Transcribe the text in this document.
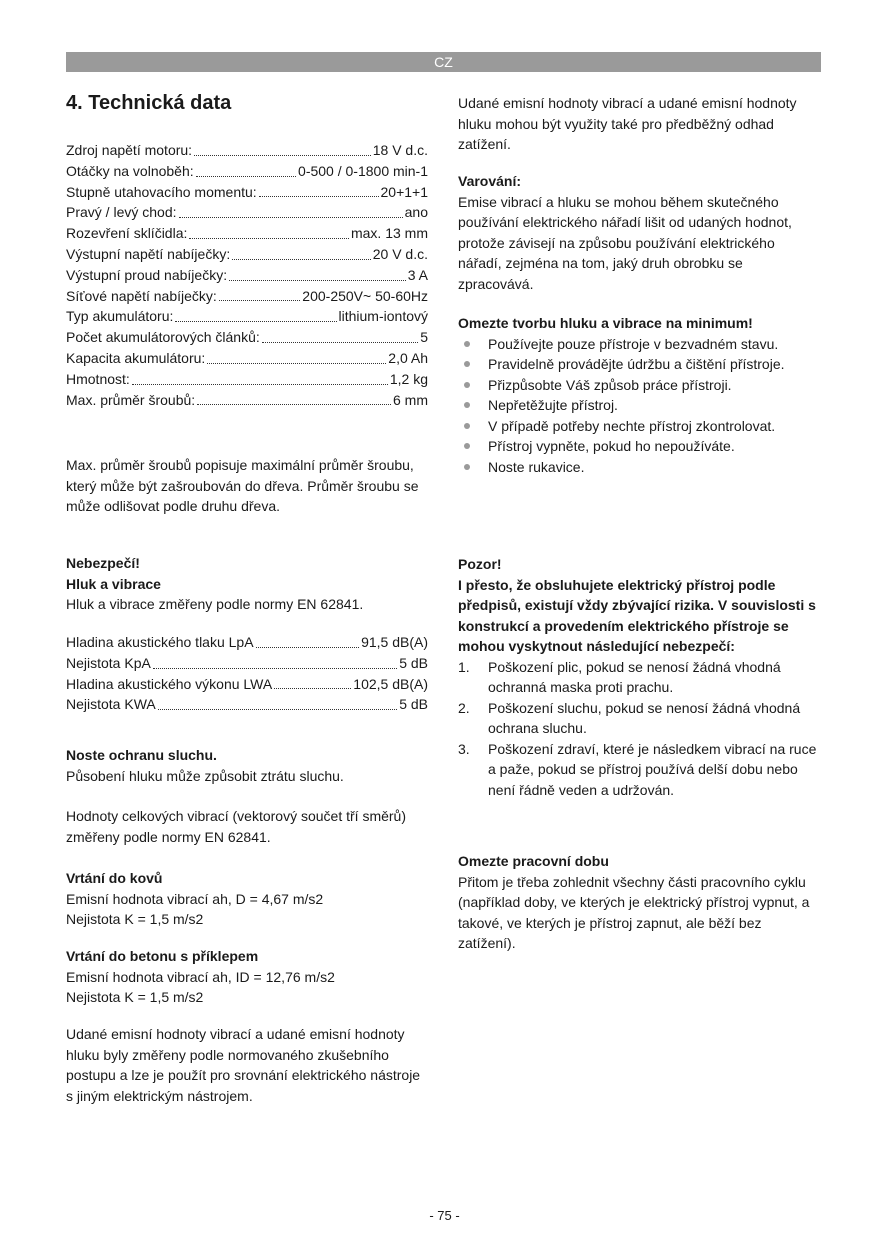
CZ
4. Technická data
Zdroj napětí motoru:	18 V d.c.
Otáčky na volnoběh:	0-500 / 0-1800 min-1
Stupně utahovacího momentu:	20+1+1
Pravý / levý chod:	ano
Rozevření sklíčidla:	max. 13 mm
Výstupní napětí nabíječky:	20 V d.c.
Výstupní proud nabíječky:	3 A
Síťové napětí nabíječky:	200-250V~ 50-60Hz
Typ akumulátoru:	lithium-iontový
Počet akumulátorových článků:	5
Kapacita akumulátoru:	2,0 Ah
Hmotnost:	1,2 kg
Max. průměr šroubů:	6 mm

Max. průměr šroubů popisuje maximální průměr šroubu, který může být zašroubován do dřeva. Průměr šroubu se může odlišovat podle druhu dřeva.

Nebezpečí!

Hluk a vibrace

Hluk a vibrace změřeny podle normy EN 62841.

Hladina akustického tlaku LpA	91,5 dB(A)
Nejistota KpA	5 dB
Hladina akustického výkonu LWA	102,5 dB(A)
Nejistota KWA	5 dB

Noste ochranu sluchu.

Působení hluku může způsobit ztrátu sluchu.

Hodnoty celkových vibrací (vektorový součet tří směrů) změřeny podle normy EN 62841.

Vrtání do kovů

Emisní hodnota vibrací ah, D = 4,67 m/s2

Nejistota K = 1,5 m/s2

Vrtání do betonu s příklepem

Emisní hodnota vibrací ah, ID = 12,76 m/s2

Nejistota K = 1,5 m/s2

Udané emisní hodnoty vibrací a udané emisní hodnoty hluku byly změřeny podle normovaného zkušebního postupu a lze je použít pro srovnání elektrického nástroje s jiným elektrickým nástrojem.

Udané emisní hodnoty vibrací a udané emisní hodnoty hluku mohou být využity také pro předběžný odhad zatížení.

Varování:

Emise vibrací a hluku se mohou během skutečného používání elektrického nářadí lišit od udaných hodnot, protože závisejí na způsobu používání elektrického nářadí, zejména na tom, jaký druh obrobku se zpracovává.

Omezte tvorbu hluku a vibrace na minimum!

Používejte pouze přístroje v bezvadném stavu.
Pravidelně provádějte údržbu a čištění přístroje.
Přizpůsobte Váš způsob práce přístroji.
Nepřetěžujte přístroj.
V případě potřeby nechte přístroj zkontrolovat.
Přístroj vypněte, pokud ho nepoužíváte.
Noste rukavice.

Pozor!

I přesto, že obsluhujete elektrický přístroj podle předpisů, existují vždy zbývající rizika. V souvislosti s konstrukcí a provedením elektrického přístroje se mohou vyskytnout následující nebezpečí:

1. Poškození plic, pokud se nenosí žádná vhodná ochranná maska proti prachu.
2. Poškození sluchu, pokud se nenosí žádná vhodná ochrana sluchu.
3. Poškození zdraví, které je následkem vibrací na ruce a paže, pokud se přístroj používá delší dobu nebo není řádně veden a udržován.

Omezte pracovní dobu

Přitom je třeba zohlednit všechny části pracovního cyklu (například doby, ve kterých je elektrický přístroj vypnut, a takové, ve kterých je přístroj zapnut, ale běží bez zatížení).

- 75 -
